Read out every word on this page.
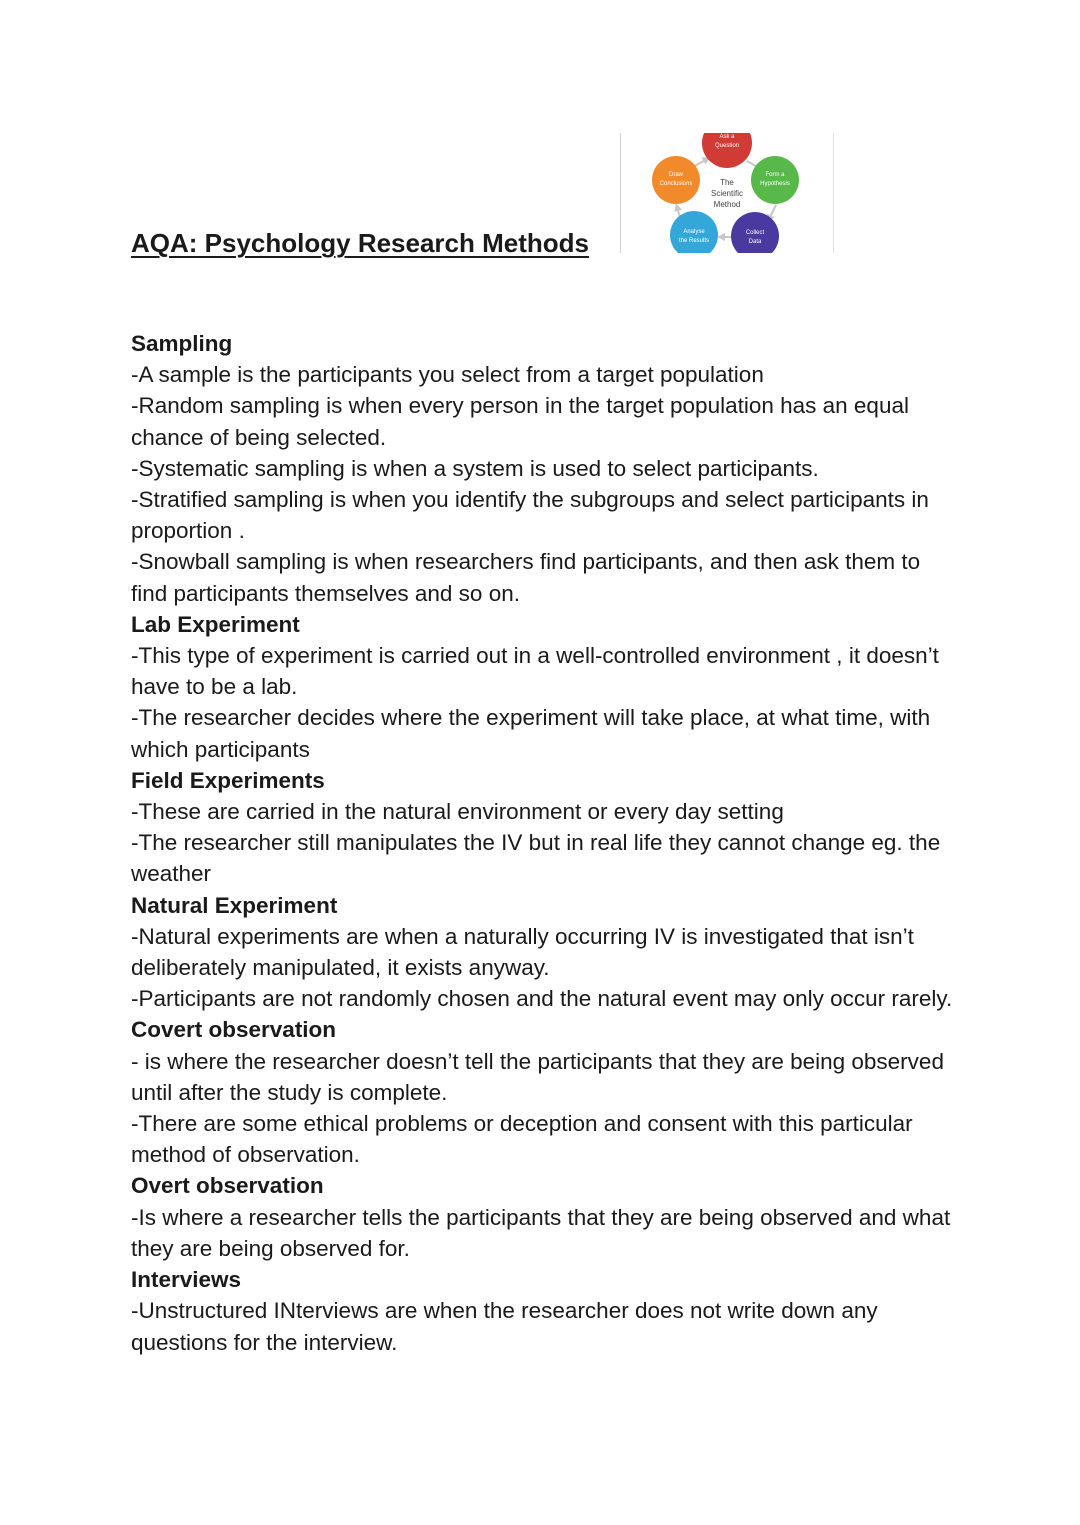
AQA: Psychology Research Methods
The
Scientific
Method
Ask a
Question
Form a
Hypothesis
Collect
Data
Analyse
the Results
Draw
Conclusions
Sampling
-A sample is the participants you select from a target population
-Random sampling is when every person in the target population has an equal chance of being selected.
-Systematic sampling is when a system is used to select participants.
-Stratified sampling is when you identify the subgroups and select participants in proportion .
-Snowball sampling is when researchers find participants, and then ask them to find participants themselves and so on.
Lab Experiment
-This type of experiment is carried out in a well-controlled environment , it doesn’t have to be a lab.
-The researcher decides where the experiment will take place, at what time, with which participants
Field Experiments
-These are carried in the natural environment or every day setting
-The researcher still manipulates the IV but in real life they cannot change eg. the weather
Natural Experiment
-Natural experiments are when a naturally occurring IV is investigated that isn’t deliberately manipulated, it exists anyway.
-Participants are not randomly chosen and the natural event may only occur rarely.
Covert observation
- is where the researcher doesn’t tell the participants that they are being observed until after the study is complete.
-There are some ethical problems or deception and consent with this particular method of observation.
Overt observation
-Is where a researcher tells the participants that they are being observed and what they are being observed for.
Interviews
-Unstructured INterviews are when the researcher does not write down any questions for the interview.
